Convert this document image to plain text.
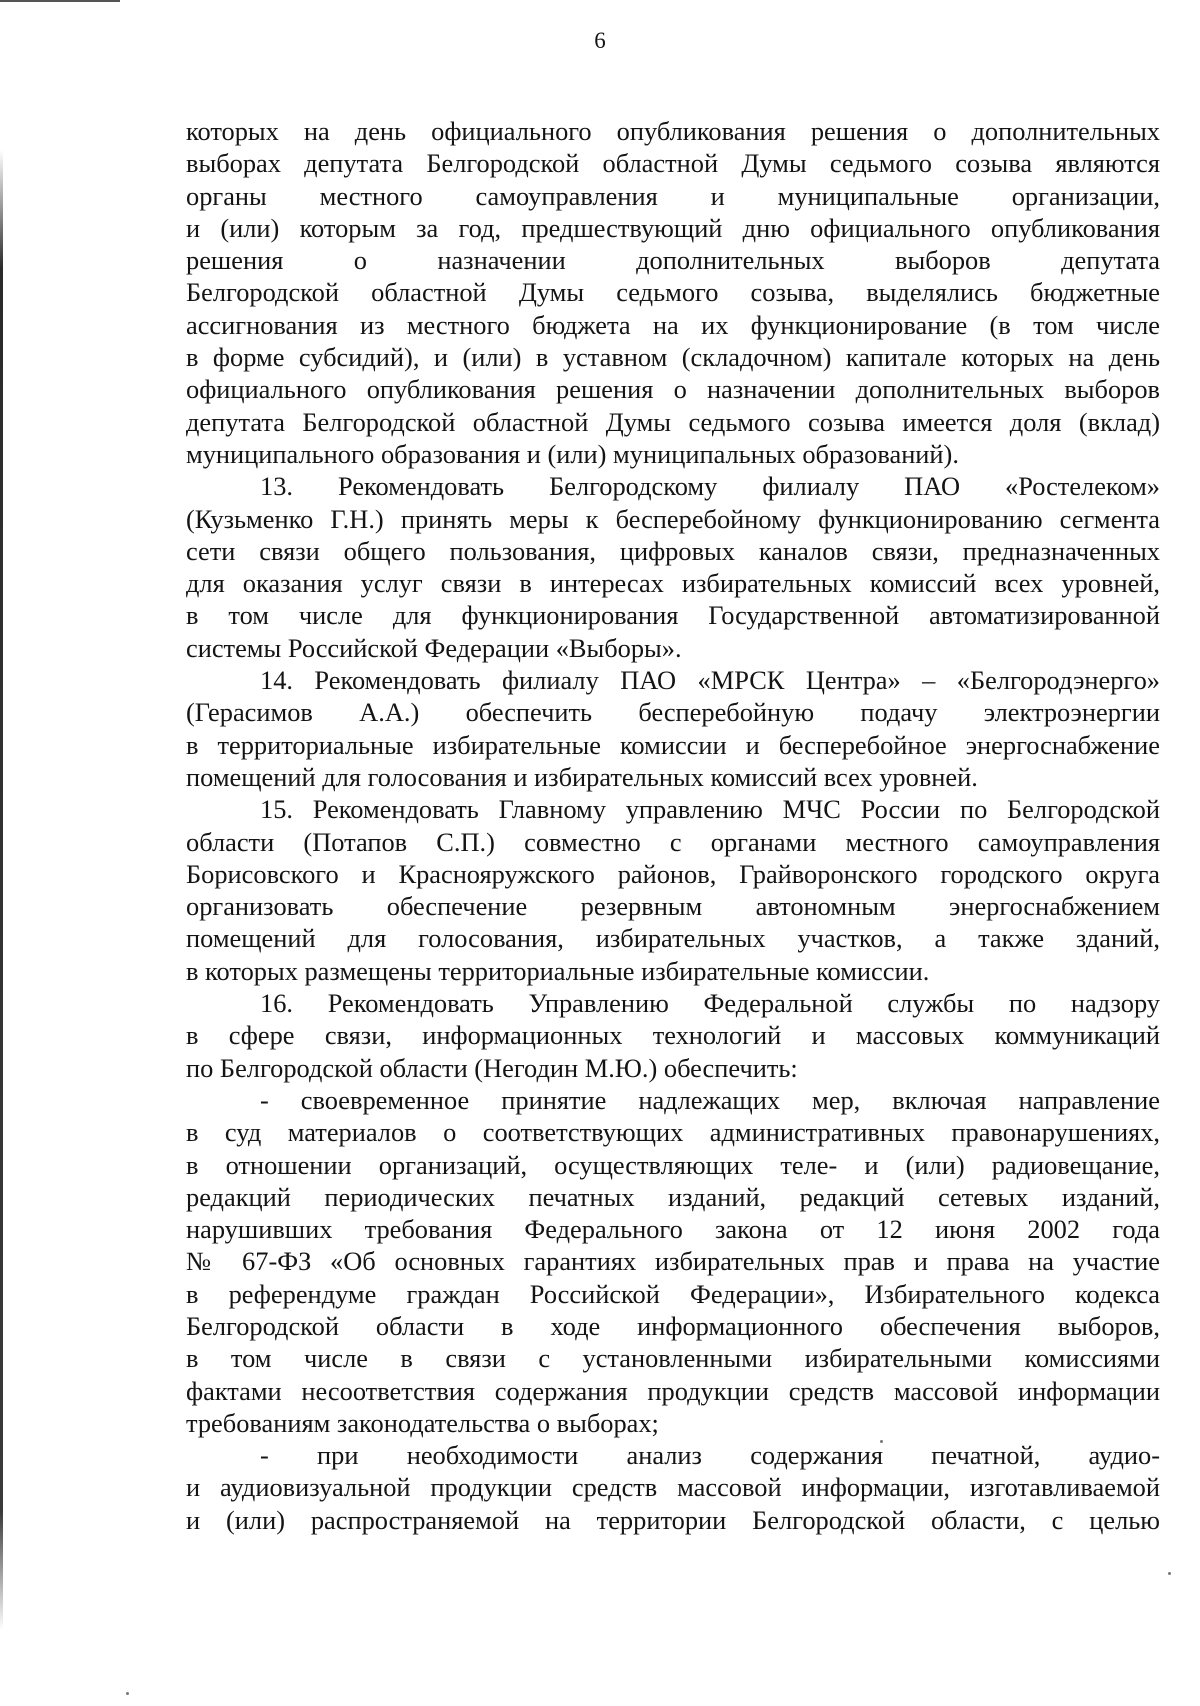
6
которых на день официального опубликования решения о дополнительных
выборах депутата Белгородской областной Думы седьмого созыва являются
органы местного самоуправления и муниципальные организации,
и (или) которым за год, предшествующий дню официального опубликования
решения о назначении дополнительных выборов депутата
Белгородской областной Думы седьмого созыва, выделялись бюджетные
ассигнования из местного бюджета на их функционирование (в том числе
в форме субсидий), и (или) в уставном (складочном) капитале которых на день
официального опубликования решения о назначении дополнительных выборов
депутата Белгородской областной Думы седьмого созыва имеется доля (вклад)
муниципального образования и (или) муниципальных образований).
13. Рекомендовать Белгородскому филиалу ПАО «Ростелеком»
(Кузьменко Г.Н.) принять меры к бесперебойному функционированию сегмента
сети связи общего пользования, цифровых каналов связи, предназначенных
для оказания услуг связи в интересах избирательных комиссий всех уровней,
в том числе для функционирования Государственной автоматизированной
системы Российской Федерации «Выборы».
14. Рекомендовать филиалу ПАО «МРСК Центра» – «Белгородэнерго»
(Герасимов А.А.) обеспечить бесперебойную подачу электроэнергии
в территориальные избирательные комиссии и бесперебойное энергоснабжение
помещений для голосования и избирательных комиссий всех уровней.
15. Рекомендовать Главному управлению МЧС России по Белгородской
области (Потапов С.П.) совместно с органами местного самоуправления
Борисовского и Краснояружского районов, Грайворонского городского округа
организовать обеспечение резервным автономным энергоснабжением
помещений для голосования, избирательных участков, а также зданий,
в которых размещены территориальные избирательные комиссии.
16. Рекомендовать Управлению Федеральной службы по надзору
в сфере связи, информационных технологий и массовых коммуникаций
по Белгородской области (Негодин М.Ю.) обеспечить:
- своевременное принятие надлежащих мер, включая направление
в суд материалов о соответствующих административных правонарушениях,
в отношении организаций, осуществляющих теле- и (или) радиовещание,
редакций периодических печатных изданий, редакций сетевых изданий,
нарушивших требования Федерального закона от 12 июня 2002 года
№ 67-ФЗ «Об основных гарантиях избирательных прав и права на участие
в референдуме граждан Российской Федерации», Избирательного кодекса
Белгородской области в ходе информационного обеспечения выборов,
в том числе в связи с установленными избирательными комиссиями
фактами несоответствия содержания продукции средств массовой информации
требованиям законодательства о выборах;
- при необходимости анализ содержания печатной, аудио-
и аудиовизуальной продукции средств массовой информации, изготавливаемой
и (или) распространяемой на территории Белгородской области, с целью
